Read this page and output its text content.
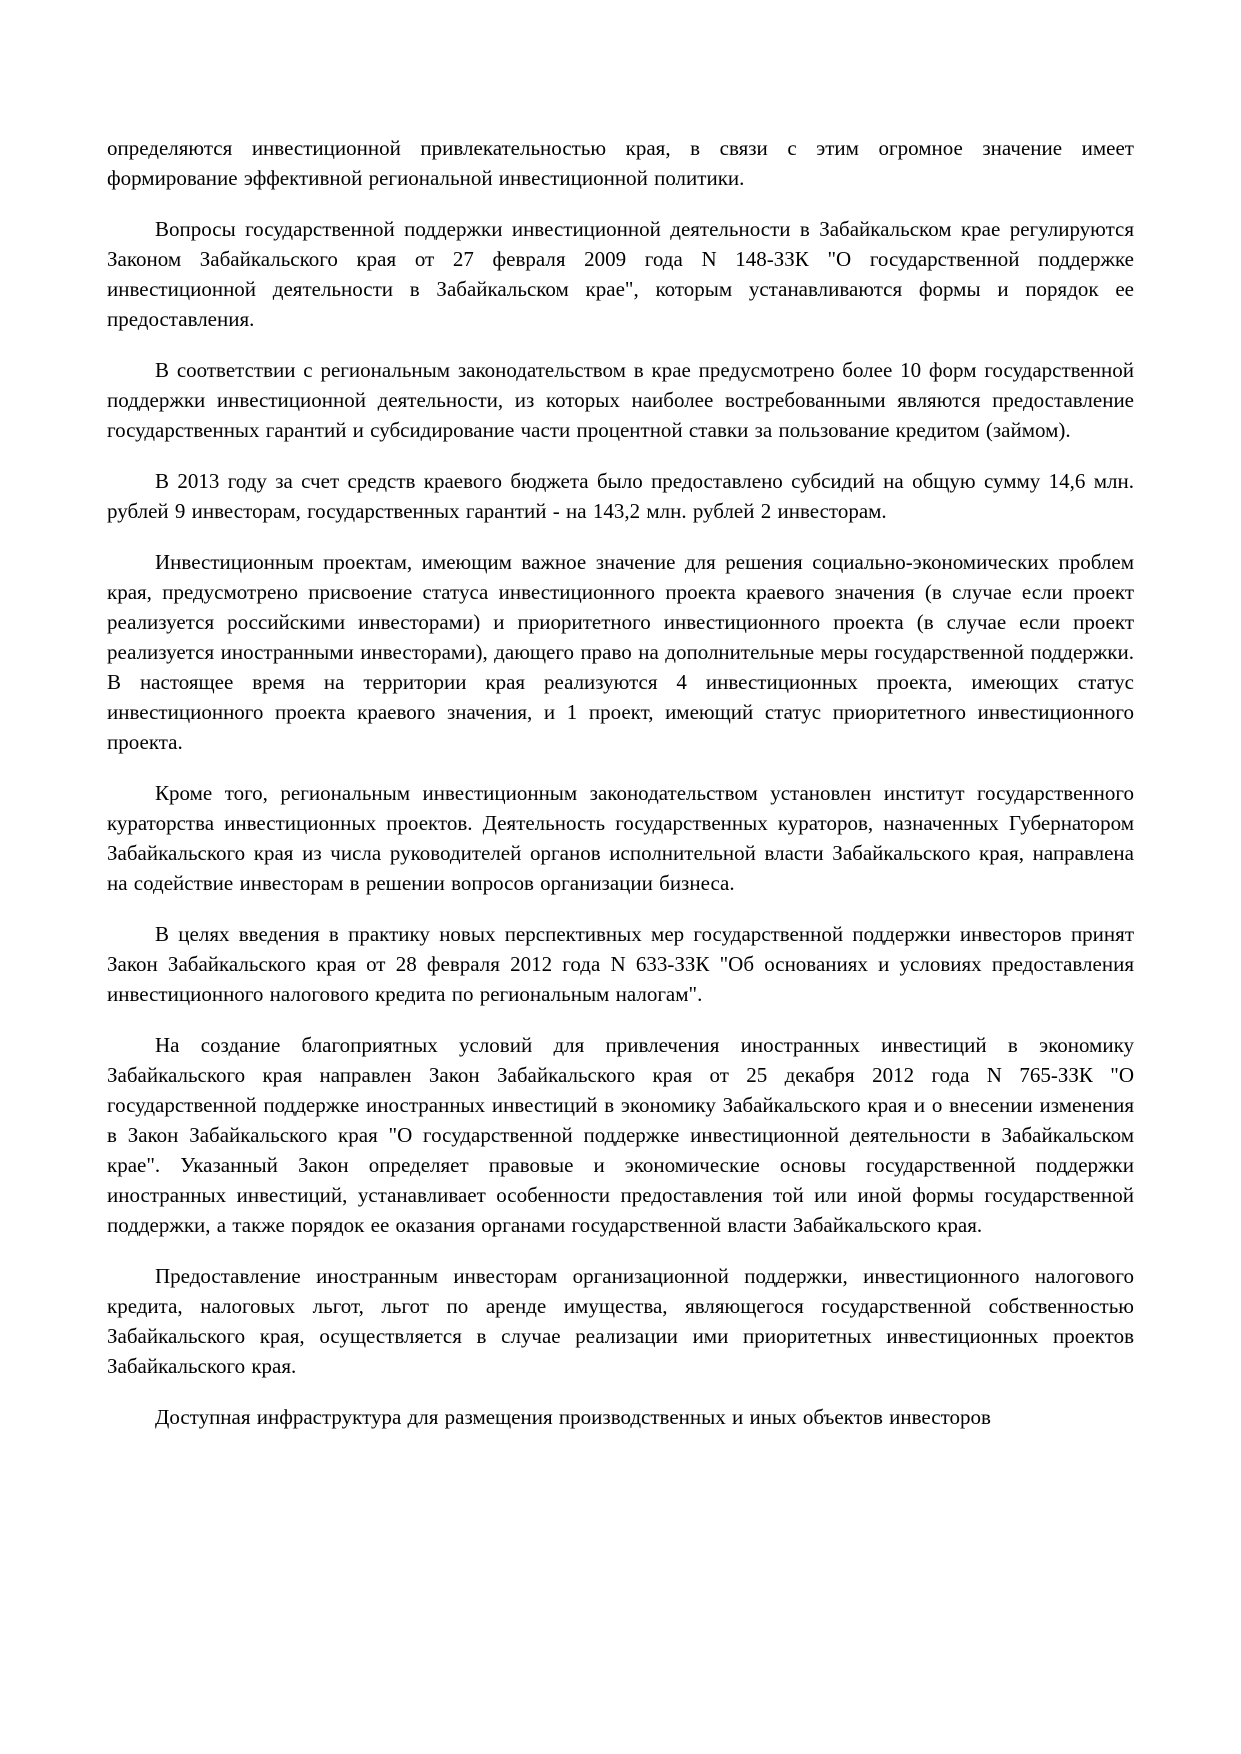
определяются инвестиционной привлекательностью края, в связи с этим огромное значение имеет формирование эффективной региональной инвестиционной политики.

Вопросы государственной поддержки инвестиционной деятельности в Забайкальском крае регулируются Законом Забайкальского края от 27 февраля 2009 года N 148-ЗЗК "О государственной поддержке инвестиционной деятельности в Забайкальском крае", которым устанавливаются формы и порядок ее предоставления.

В соответствии с региональным законодательством в крае предусмотрено более 10 форм государственной поддержки инвестиционной деятельности, из которых наиболее востребованными являются предоставление государственных гарантий и субсидирование части процентной ставки за пользование кредитом (займом).

В 2013 году за счет средств краевого бюджета было предоставлено субсидий на общую сумму 14,6 млн. рублей 9 инвесторам, государственных гарантий - на 143,2 млн. рублей 2 инвесторам.

Инвестиционным проектам, имеющим важное значение для решения социально-экономических проблем края, предусмотрено присвоение статуса инвестиционного проекта краевого значения (в случае если проект реализуется российскими инвесторами) и приоритетного инвестиционного проекта (в случае если проект реализуется иностранными инвесторами), дающего право на дополнительные меры государственной поддержки. В настоящее время на территории края реализуются 4 инвестиционных проекта, имеющих статус инвестиционного проекта краевого значения, и 1 проект, имеющий статус приоритетного инвестиционного проекта.

Кроме того, региональным инвестиционным законодательством установлен институт государственного кураторства инвестиционных проектов. Деятельность государственных кураторов, назначенных Губернатором Забайкальского края из числа руководителей органов исполнительной власти Забайкальского края, направлена на содействие инвесторам в решении вопросов организации бизнеса.

В целях введения в практику новых перспективных мер государственной поддержки инвесторов принят Закон Забайкальского края от 28 февраля 2012 года N 633-ЗЗК "Об основаниях и условиях предоставления инвестиционного налогового кредита по региональным налогам".

На создание благоприятных условий для привлечения иностранных инвестиций в экономику Забайкальского края направлен Закон Забайкальского края от 25 декабря 2012 года N 765-ЗЗК "О государственной поддержке иностранных инвестиций в экономику Забайкальского края и о внесении изменения в Закон Забайкальского края "О государственной поддержке инвестиционной деятельности в Забайкальском крае". Указанный Закон определяет правовые и экономические основы государственной поддержки иностранных инвестиций, устанавливает особенности предоставления той или иной формы государственной поддержки, а также порядок ее оказания органами государственной власти Забайкальского края.

Предоставление иностранным инвесторам организационной поддержки, инвестиционного налогового кредита, налоговых льгот, льгот по аренде имущества, являющегося государственной собственностью Забайкальского края, осуществляется в случае реализации ими приоритетных инвестиционных проектов Забайкальского края.

Доступная инфраструктура для размещения производственных и иных объектов инвесторов
